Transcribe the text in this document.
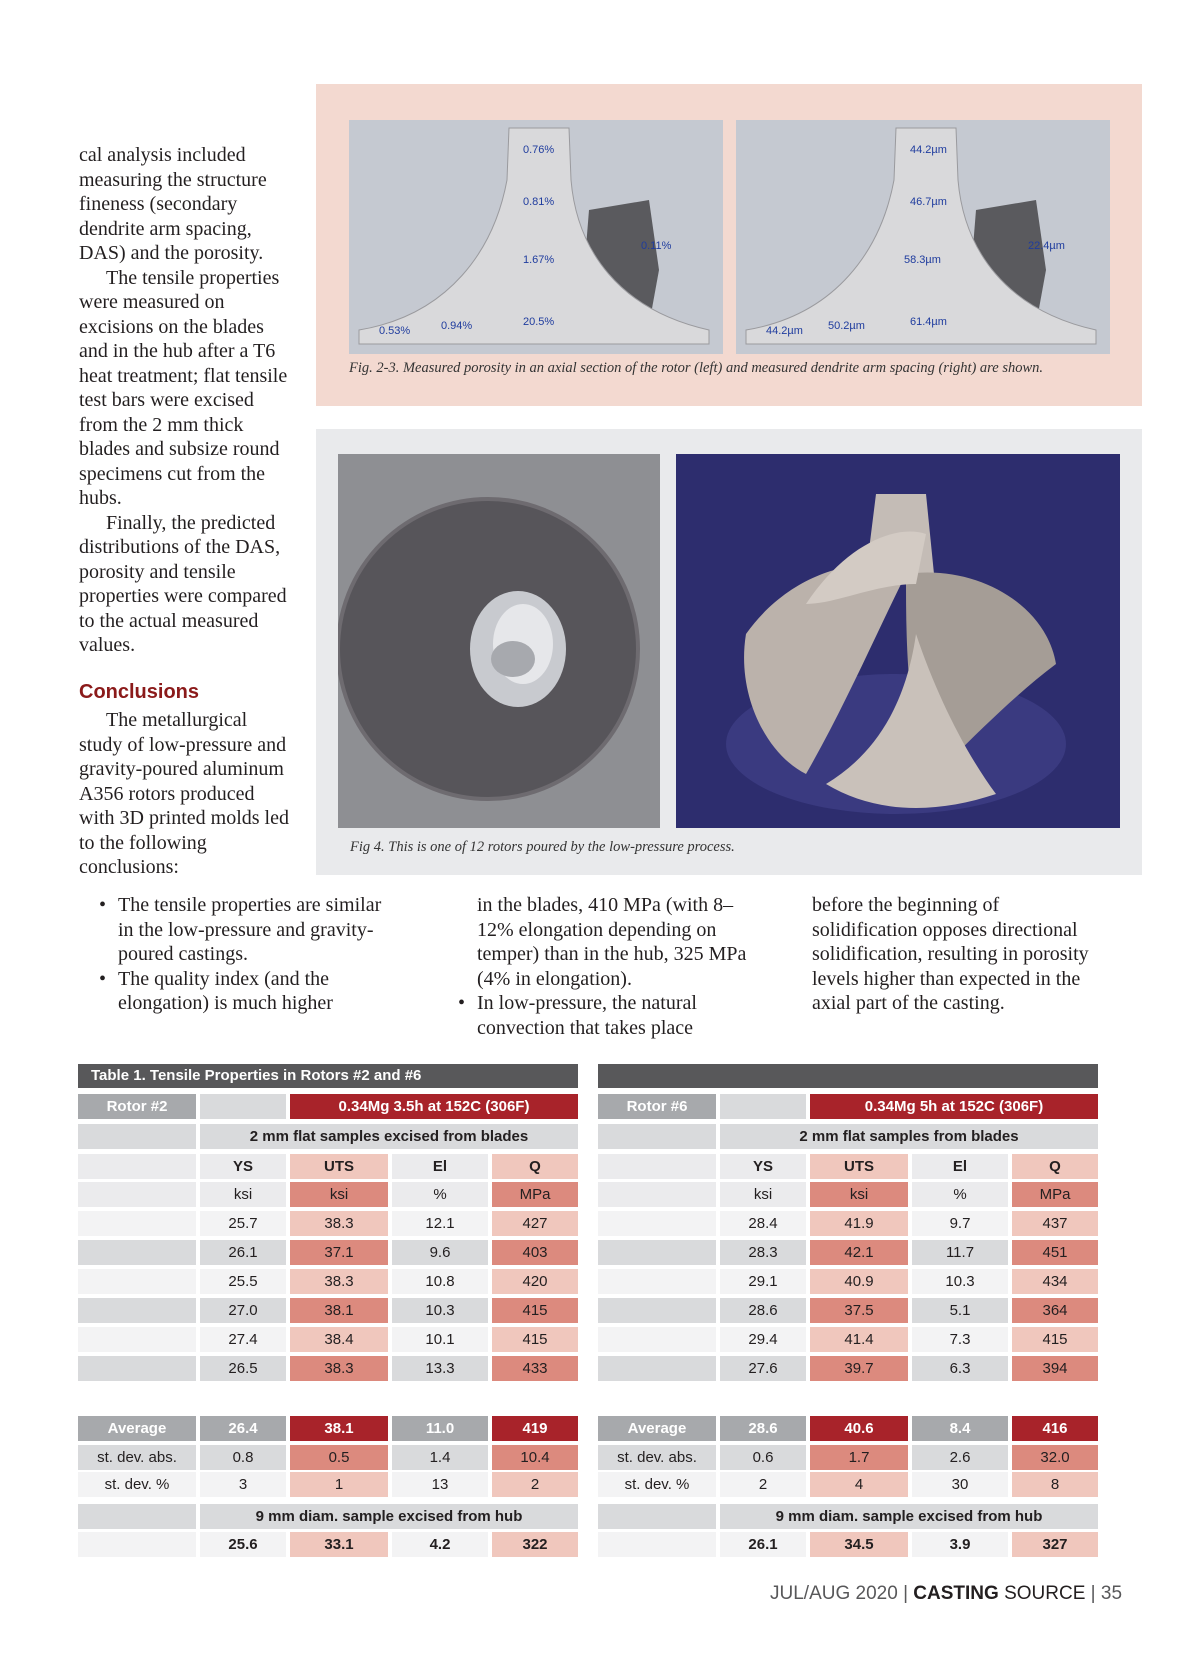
cal analysis included measuring the structure fineness (secondary dendrite arm spacing, DAS) and the porosity.

The tensile properties were measured on excisions on the blades and in the hub after a T6 heat treatment; flat tensile test bars were excised from the 2 mm thick blades and subsize round specimens cut from the hubs.

Finally, the predicted distributions of the DAS, porosity and tensile properties were compared to the actual measured values.

Conclusions

The metallurgical study of low-pressure and gravity-poured aluminum A356 rotors produced with 3D printed molds led to the following conclusions:

0.76%
0.81%
1.67%
0.11%
20.5%
0.94%
0.53%
44.2µm
46.7µm
58.3µm
22.4µm
61.4µm
50.2µm
44.2µm
Fig. 2-3. Measured porosity in an axial section of the rotor (left) and measured dendrite arm spacing (right) are shown.
Fig 4. This is one of 12 rotors poured by the low-pressure process.
• The tensile properties are similar in the low-pressure and gravity-poured castings.
• The quality index (and the elongation) is much higher
in the blades, 410 MPa (with 8–12% elongation depending on temper) than in the hub, 325 MPa (4% in elongation).
• In low-pressure, the natural convection that takes place
before the beginning of solidification opposes directional solidification, resulting in porosity levels higher than expected in the axial part of the casting.
Table 1. Tensile Properties in Rotors #2 and #6
Rotor #2	0.34Mg 3.5h at 152C (306F)
2 mm flat samples excised from blades
YS	UTS	El	Q
ksi	ksi	%	MPa
25.7	38.3	12.1	427
26.1	37.1	9.6	403
25.5	38.3	10.8	420
27.0	38.1	10.3	415
27.4	38.4	10.1	415
26.5	38.3	13.3	433
Average	26.4	38.1	11.0	419
st. dev. abs.	0.8	0.5	1.4	10.4
st. dev. %	3	1	13	2
9 mm diam. sample excised from hub
25.6	33.1	4.2	322
Rotor #6	0.34Mg 5h at 152C (306F)
2 mm flat samples from blades
YS	UTS	El	Q
ksi	ksi	%	MPa
28.4	41.9	9.7	437
28.3	42.1	11.7	451
29.1	40.9	10.3	434
28.6	37.5	5.1	364
29.4	41.4	7.3	415
27.6	39.7	6.3	394
Average	28.6	40.6	8.4	416
st. dev. abs.	0.6	1.7	2.6	32.0
st. dev. %	2	4	30	8
9 mm diam. sample excised from hub
26.1	34.5	3.9	327
JUL/AUG 2020 | CASTING SOURCE | 35
